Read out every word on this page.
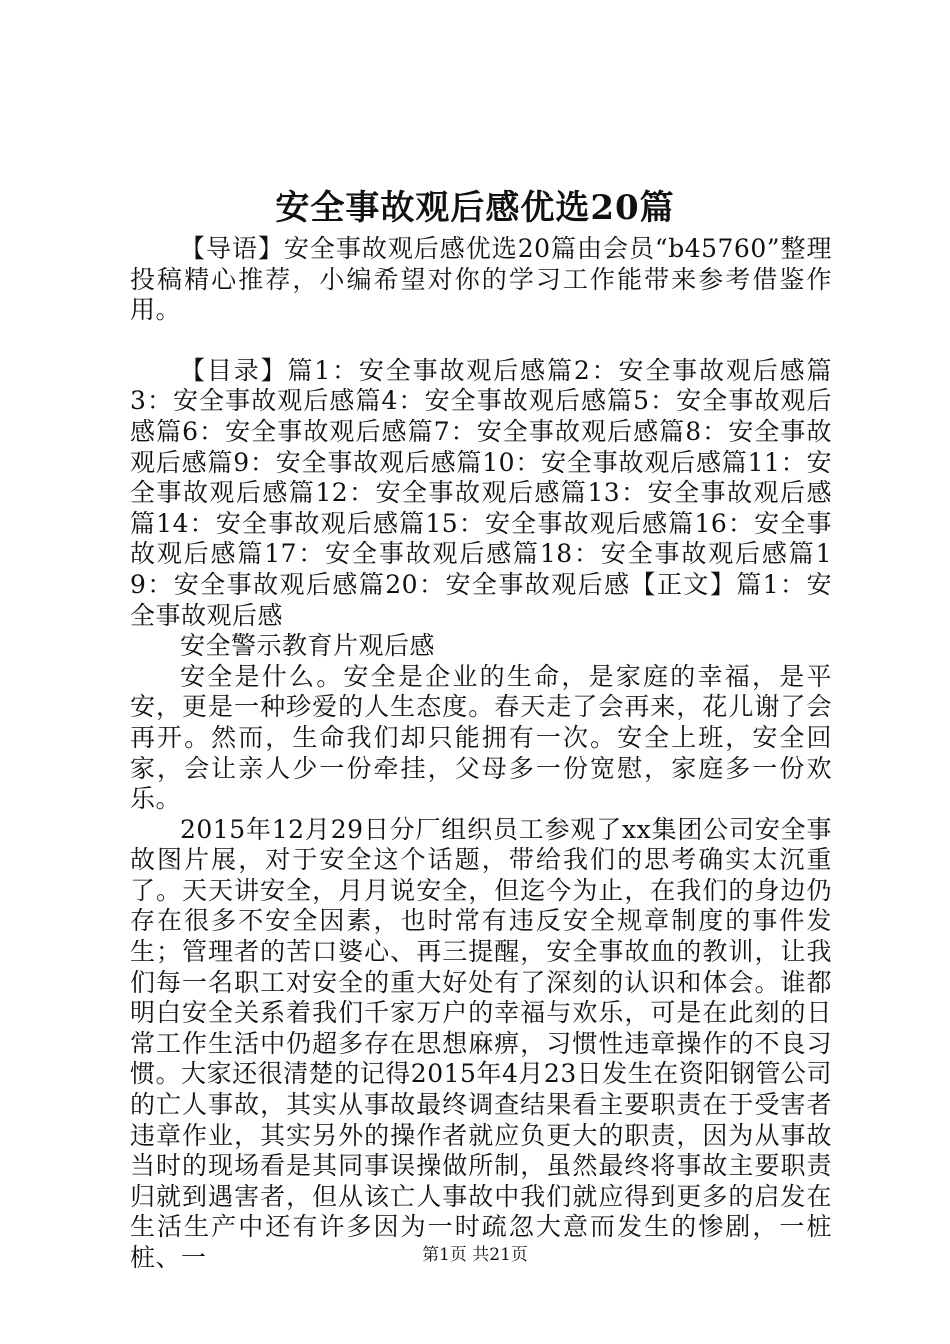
安全事故观后感优选20篇

【导语】安全事故观后感优选20篇由会员“b45760”整理投稿精心推荐，小编希望对你的学习工作能带来参考借鉴作用。

【目录】篇1：安全事故观后感篇2：安全事故观后感篇3：安全事故观后感篇4：安全事故观后感篇5：安全事故观后感篇6：安全事故观后感篇7：安全事故观后感篇8：安全事故观后感篇9：安全事故观后感篇10：安全事故观后感篇11：安全事故观后感篇12：安全事故观后感篇13：安全事故观后感篇14：安全事故观后感篇15：安全事故观后感篇16：安全事故观后感篇17：安全事故观后感篇18：安全事故观后感篇19：安全事故观后感篇20：安全事故观后感【正文】篇1：安全事故观后感

安全警示教育片观后感

安全是什么。安全是企业的生命，是家庭的幸福，是平安，更是一种珍爱的人生态度。春天走了会再来，花儿谢了会再开。然而，生命我们却只能拥有一次。安全上班，安全回家，会让亲人少一份牵挂，父母多一份宽慰，家庭多一份欢乐。

2015年12月29日分厂组织员工参观了xx集团公司安全事故图片展，对于安全这个话题，带给我们的思考确实太沉重了。天天讲安全，月月说安全，但迄今为止，在我们的身边仍存在很多不安全因素，也时常有违反安全规章制度的事件发生；管理者的苦口婆心、再三提醒，安全事故血的教训，让我们每一名职工对安全的重大好处有了深刻的认识和体会。谁都明白安全关系着我们千家万户的幸福与欢乐，可是在此刻的日常工作生活中仍超多存在思想麻痹，习惯性违章操作的不良习惯。大家还很清楚的记得2015年4月23日发生在资阳钢管公司的亡人事故，其实从事故最终调查结果看主要职责在于受害者违章作业，其实另外的操作者就应负更大的职责，因为从事故当时的现场看是其同事误操做所制，虽然最终将事故主要职责归就到遇害者，但从该亡人事故中我们就应得到更多的启发在生活生产中还有许多因为一时疏忽大意而发生的惨剧，一桩桩、一	第1页 共21页
